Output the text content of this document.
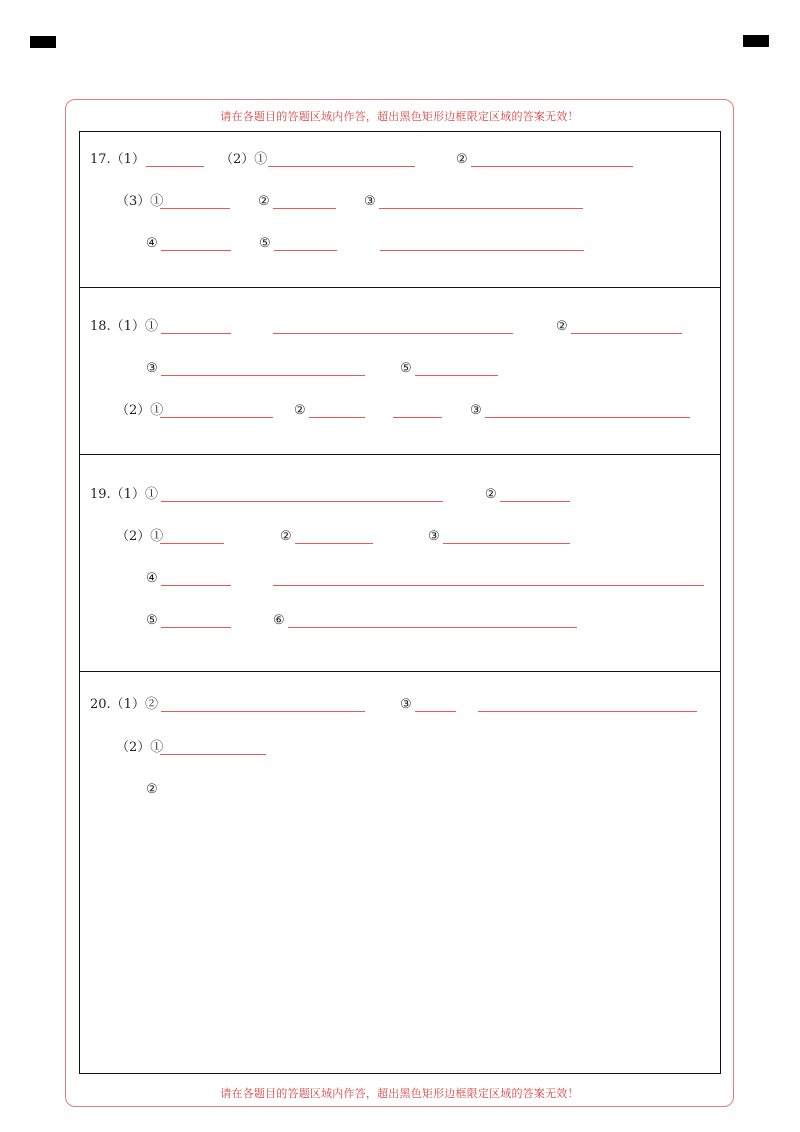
请在各题目的答题区域内作答，超出黑色矩形边框限定区域的答案无效！
请在各题目的答题区域内作答，超出黑色矩形边框限定区域的答案无效！
17.（1）	（2）①	②
（3）①	②	③
④	⑤
18.（1）①	②
③	⑤
（2）①	②	③
19.（1）①	②
（2）①	②	③
④
⑤	⑥
20.（1）②	③
（2）①
②
